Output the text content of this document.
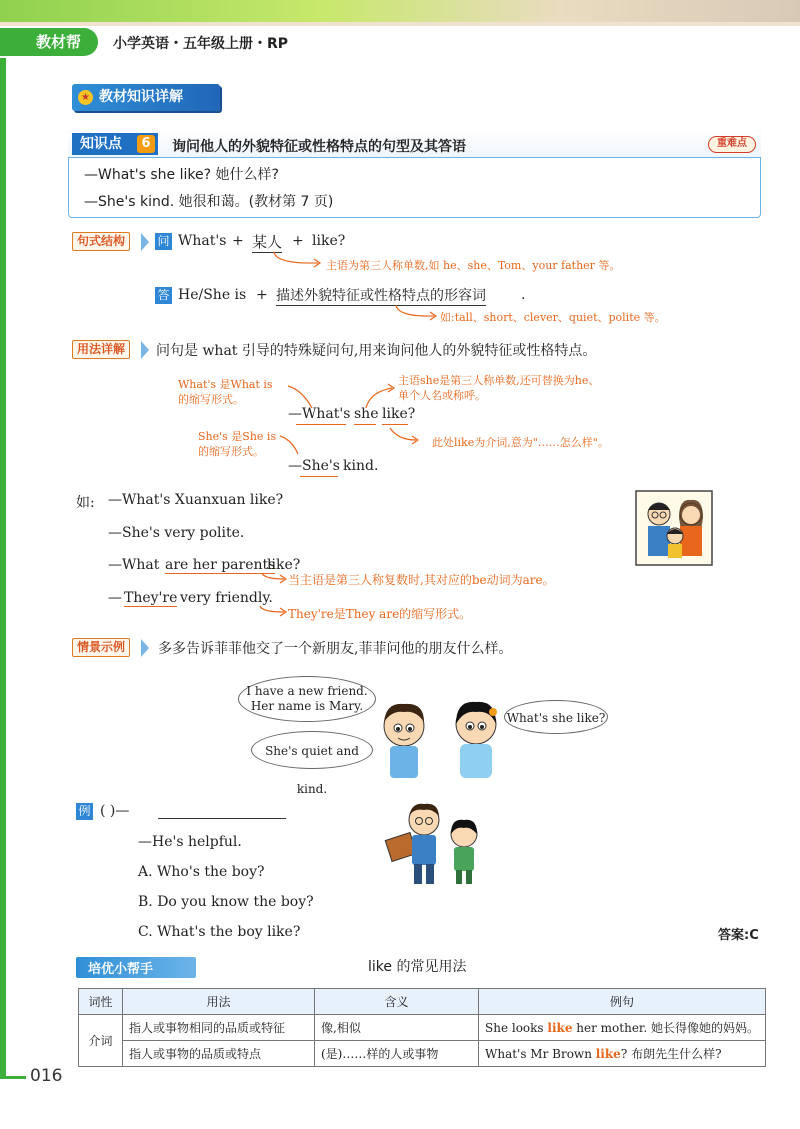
教材帮	小学英语・五年级上册・RP
★ 教材知识详解
知识点	6	询问他人的外貌特征或性格特点的句型及其答语	重难点
—What's she like? 她什么样?
—She's kind. 她很和蔼。(教材第 7 页)
句式结构	问 What's + 某人 + like?
主语为第三人称单数,如 he、she、Tom、your father 等。
答 He/She is + 描述外貌特征或性格特点的形容词	.
如:tall、short、clever、quiet、polite 等。
用法详解	问句是 what 引导的特殊疑问句,用来询问他人的外貌特征或性格特点。
What's 是What is
的缩写形式。
主语she是第三人称单数,还可替换为he、
单个人名或称呼。
—What's she like?
She's 是She is
的缩写形式。
此处like为介词,意为"……怎么样"。
—She's kind.
如: —What's Xuanxuan like?
—She's very polite.
—What are her parents
like?
当主语是第三人称复数时,其对应的be动词为are。
— They're very friendly.
They're是They are的缩写形式。
情景示例	多多告诉菲菲他交了一个新朋友,菲菲问他的朋友什么样。
I have a new friend.
Her name is Mary.
She's quiet and kind.
What's she like?
例 ( )—
—He's helpful.
A. Who's the boy?
B. Do you know the boy?
C. What's the boy like?	答案:C
培优小帮手	like 的常见用法
词性	用法	含义	例句
介词	指人或事物相同的品质或特征	像,相似	She looks like her mother. 她长得像她的妈妈。
	指人或事物的品质或特点	(是)……样的人或事物	What's Mr Brown like? 布朗先生什么样?
016
